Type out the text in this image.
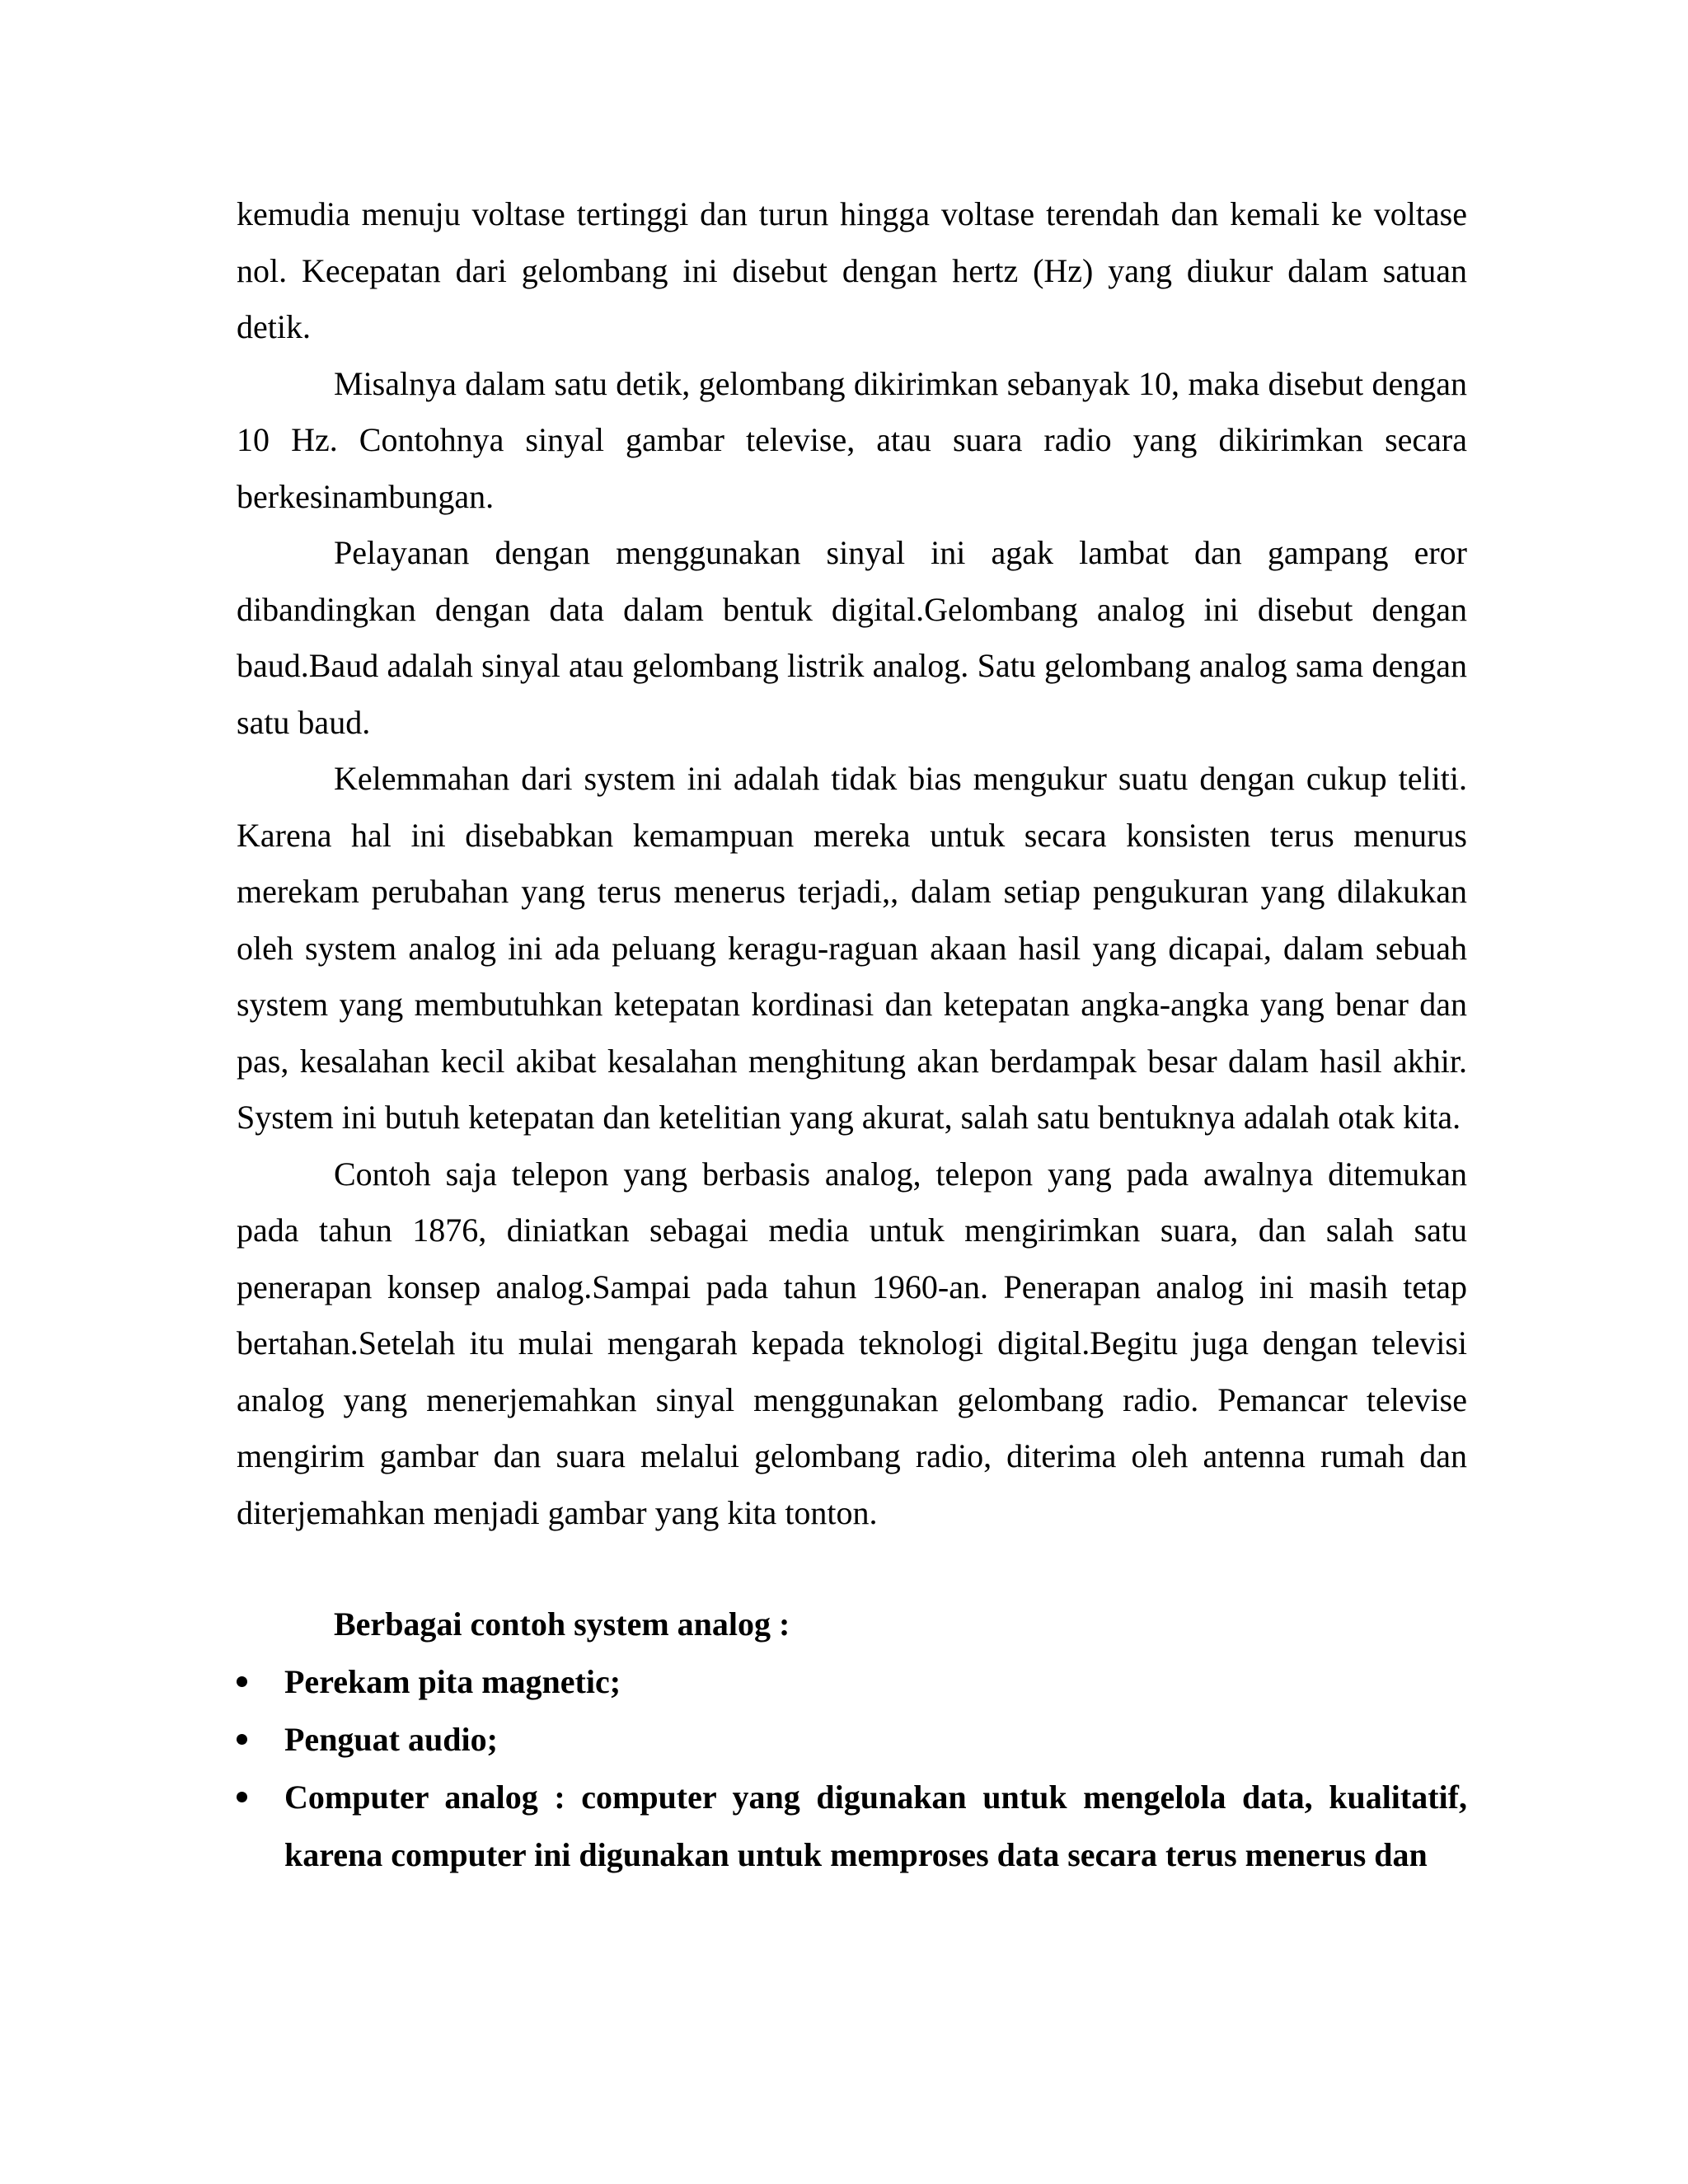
kemudia menuju voltase tertinggi dan turun hingga voltase terendah dan kemali ke voltase nol. Kecepatan dari gelombang ini disebut dengan hertz (Hz) yang diukur dalam satuan detik.

Misalnya dalam satu detik, gelombang dikirimkan sebanyak 10, maka disebut dengan 10 Hz. Contohnya sinyal gambar televise, atau suara radio yang dikirimkan secara berkesinambungan.

Pelayanan dengan menggunakan sinyal ini agak lambat dan gampang eror dibandingkan dengan data dalam bentuk digital.Gelombang analog ini disebut dengan baud.Baud adalah sinyal atau gelombang listrik analog. Satu gelombang analog sama dengan satu baud.

Kelemmahan dari system ini adalah tidak bias mengukur suatu dengan cukup teliti. Karena hal ini disebabkan kemampuan mereka untuk secara konsisten terus menurus merekam perubahan yang terus menerus terjadi,, dalam setiap pengukuran yang dilakukan oleh system analog ini ada peluang keragu-raguan akaan hasil yang dicapai, dalam sebuah system yang membutuhkan ketepatan kordinasi dan ketepatan angka-angka yang benar dan pas, kesalahan kecil akibat kesalahan menghitung akan berdampak besar dalam hasil akhir. System ini butuh ketepatan dan ketelitian yang akurat, salah satu bentuknya adalah otak kita.

Contoh saja telepon yang berbasis analog, telepon yang pada awalnya ditemukan pada tahun 1876, diniatkan sebagai media untuk mengirimkan suara, dan salah satu penerapan konsep analog.Sampai pada tahun 1960-an. Penerapan analog ini masih tetap bertahan.Setelah itu mulai mengarah kepada teknologi digital.Begitu juga dengan televisi analog yang menerjemahkan sinyal menggunakan gelombang radio. Pemancar televise mengirim gambar dan suara melalui gelombang radio, diterima oleh antenna rumah dan diterjemahkan menjadi gambar yang kita tonton.

Berbagai contoh system analog :

Perekam pita magnetic;
Penguat audio;
Computer analog : computer yang digunakan untuk mengelola data, kualitatif, karena computer ini digunakan untuk memproses data secara terus menerus dan
